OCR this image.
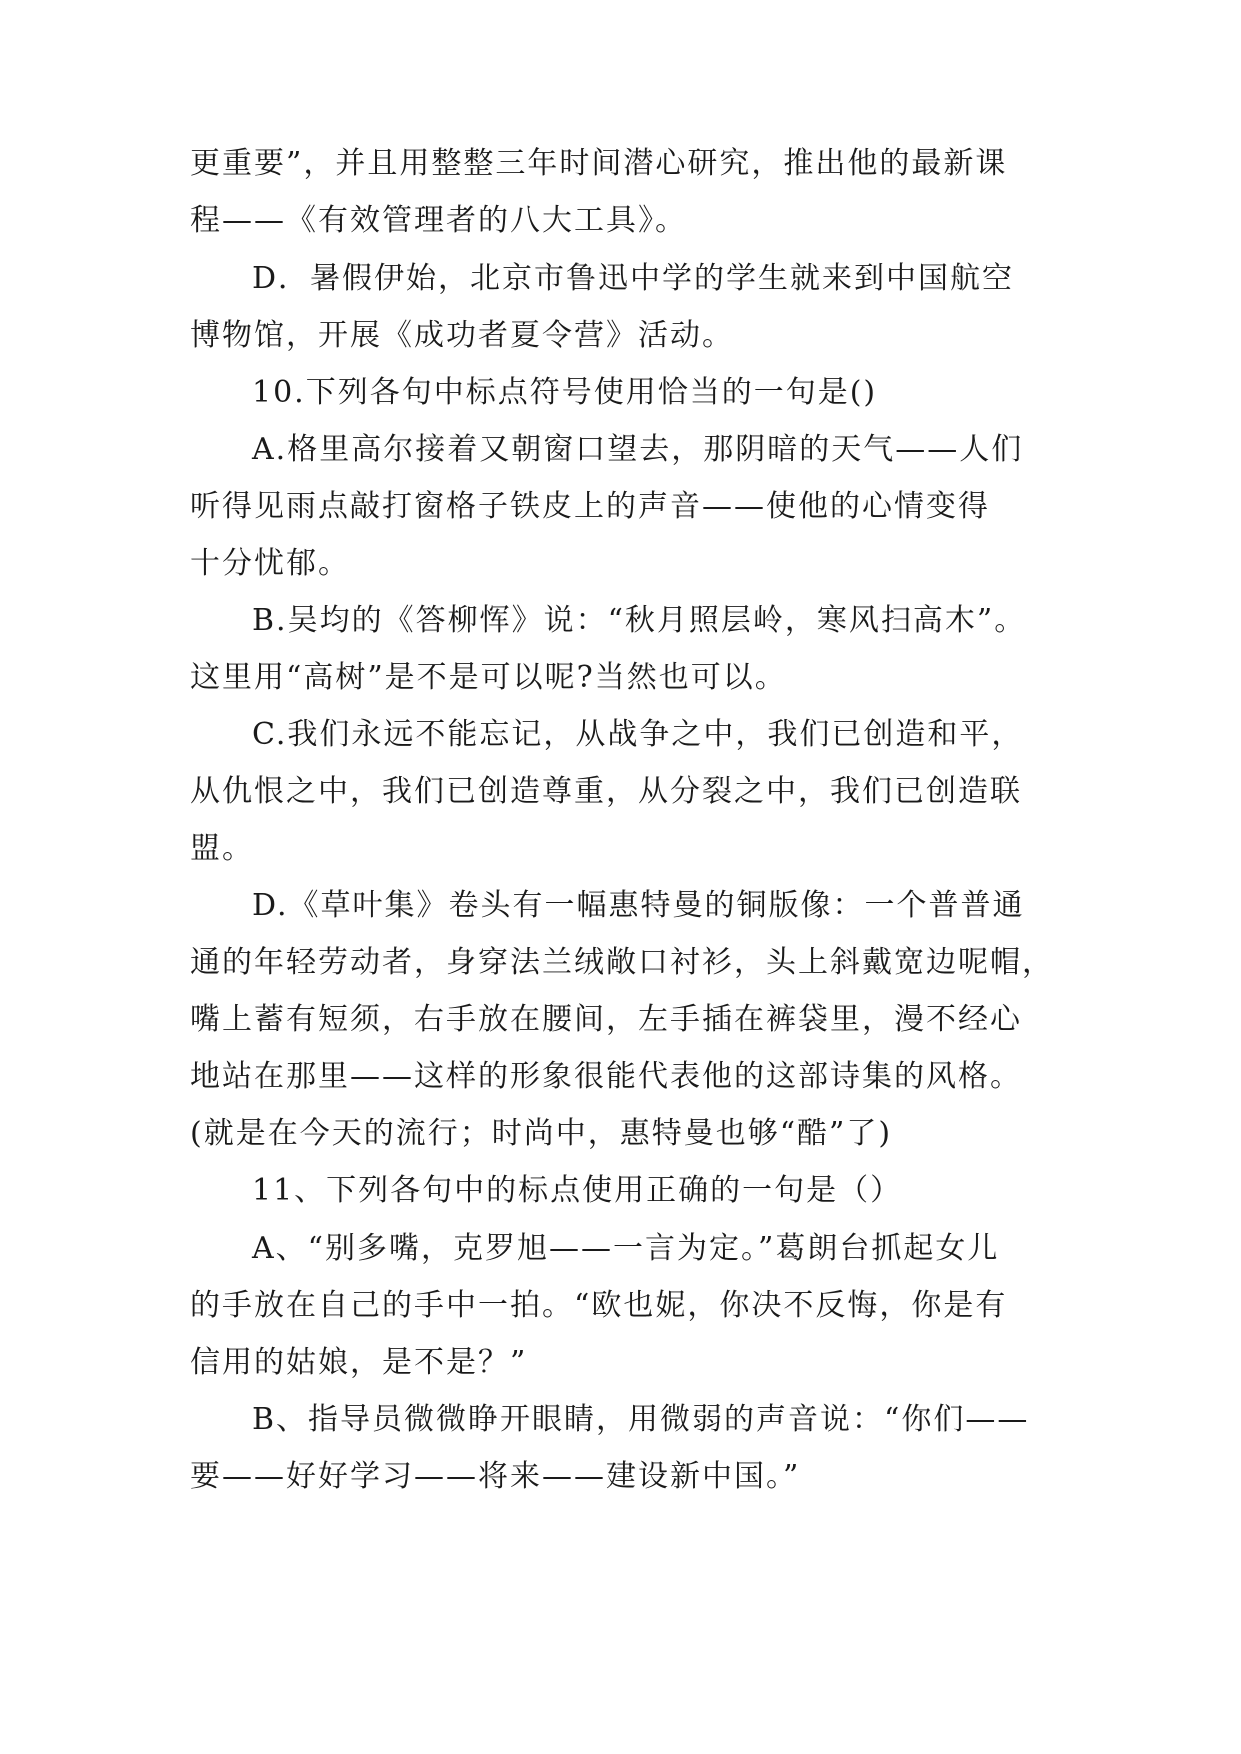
更重要”，并且用整整三年时间潜心研究，推出他的最新课
程——《有效管理者的八大工具》。
D．暑假伊始，北京市鲁迅中学的学生就来到中国航空
博物馆，开展《成功者夏令营》活动。
10.下列各句中标点符号使用恰当的一句是()
A.格里高尔接着又朝窗口望去，那阴暗的天气——人们
听得见雨点敲打窗格子铁皮上的声音——使他的心情变得
十分忧郁。
B.吴均的《答柳恽》说：“秋月照层岭，寒风扫高木”。
这里用“高树”是不是可以呢?当然也可以。
C.我们永远不能忘记，从战争之中，我们已创造和平，
从仇恨之中，我们已创造尊重，从分裂之中，我们已创造联
盟。
D.《草叶集》卷头有一幅惠特曼的铜版像：一个普普通
通的年轻劳动者，身穿法兰绒敞口衬衫，头上斜戴宽边呢帽，
嘴上蓄有短须，右手放在腰间，左手插在裤袋里，漫不经心
地站在那里——这样的形象很能代表他的这部诗集的风格。
(就是在今天的流行；时尚中，惠特曼也够“酷”了)
11、下列各句中的标点使用正确的一句是（）
A、“别多嘴，克罗旭——一言为定。”葛朗台抓起女儿
的手放在自己的手中一拍。“欧也妮，你决不反悔，你是有
信用的姑娘，是不是？”
B、指导员微微睁开眼睛，用微弱的声音说：“你们——
要——好好学习——将来——建设新中国。”
